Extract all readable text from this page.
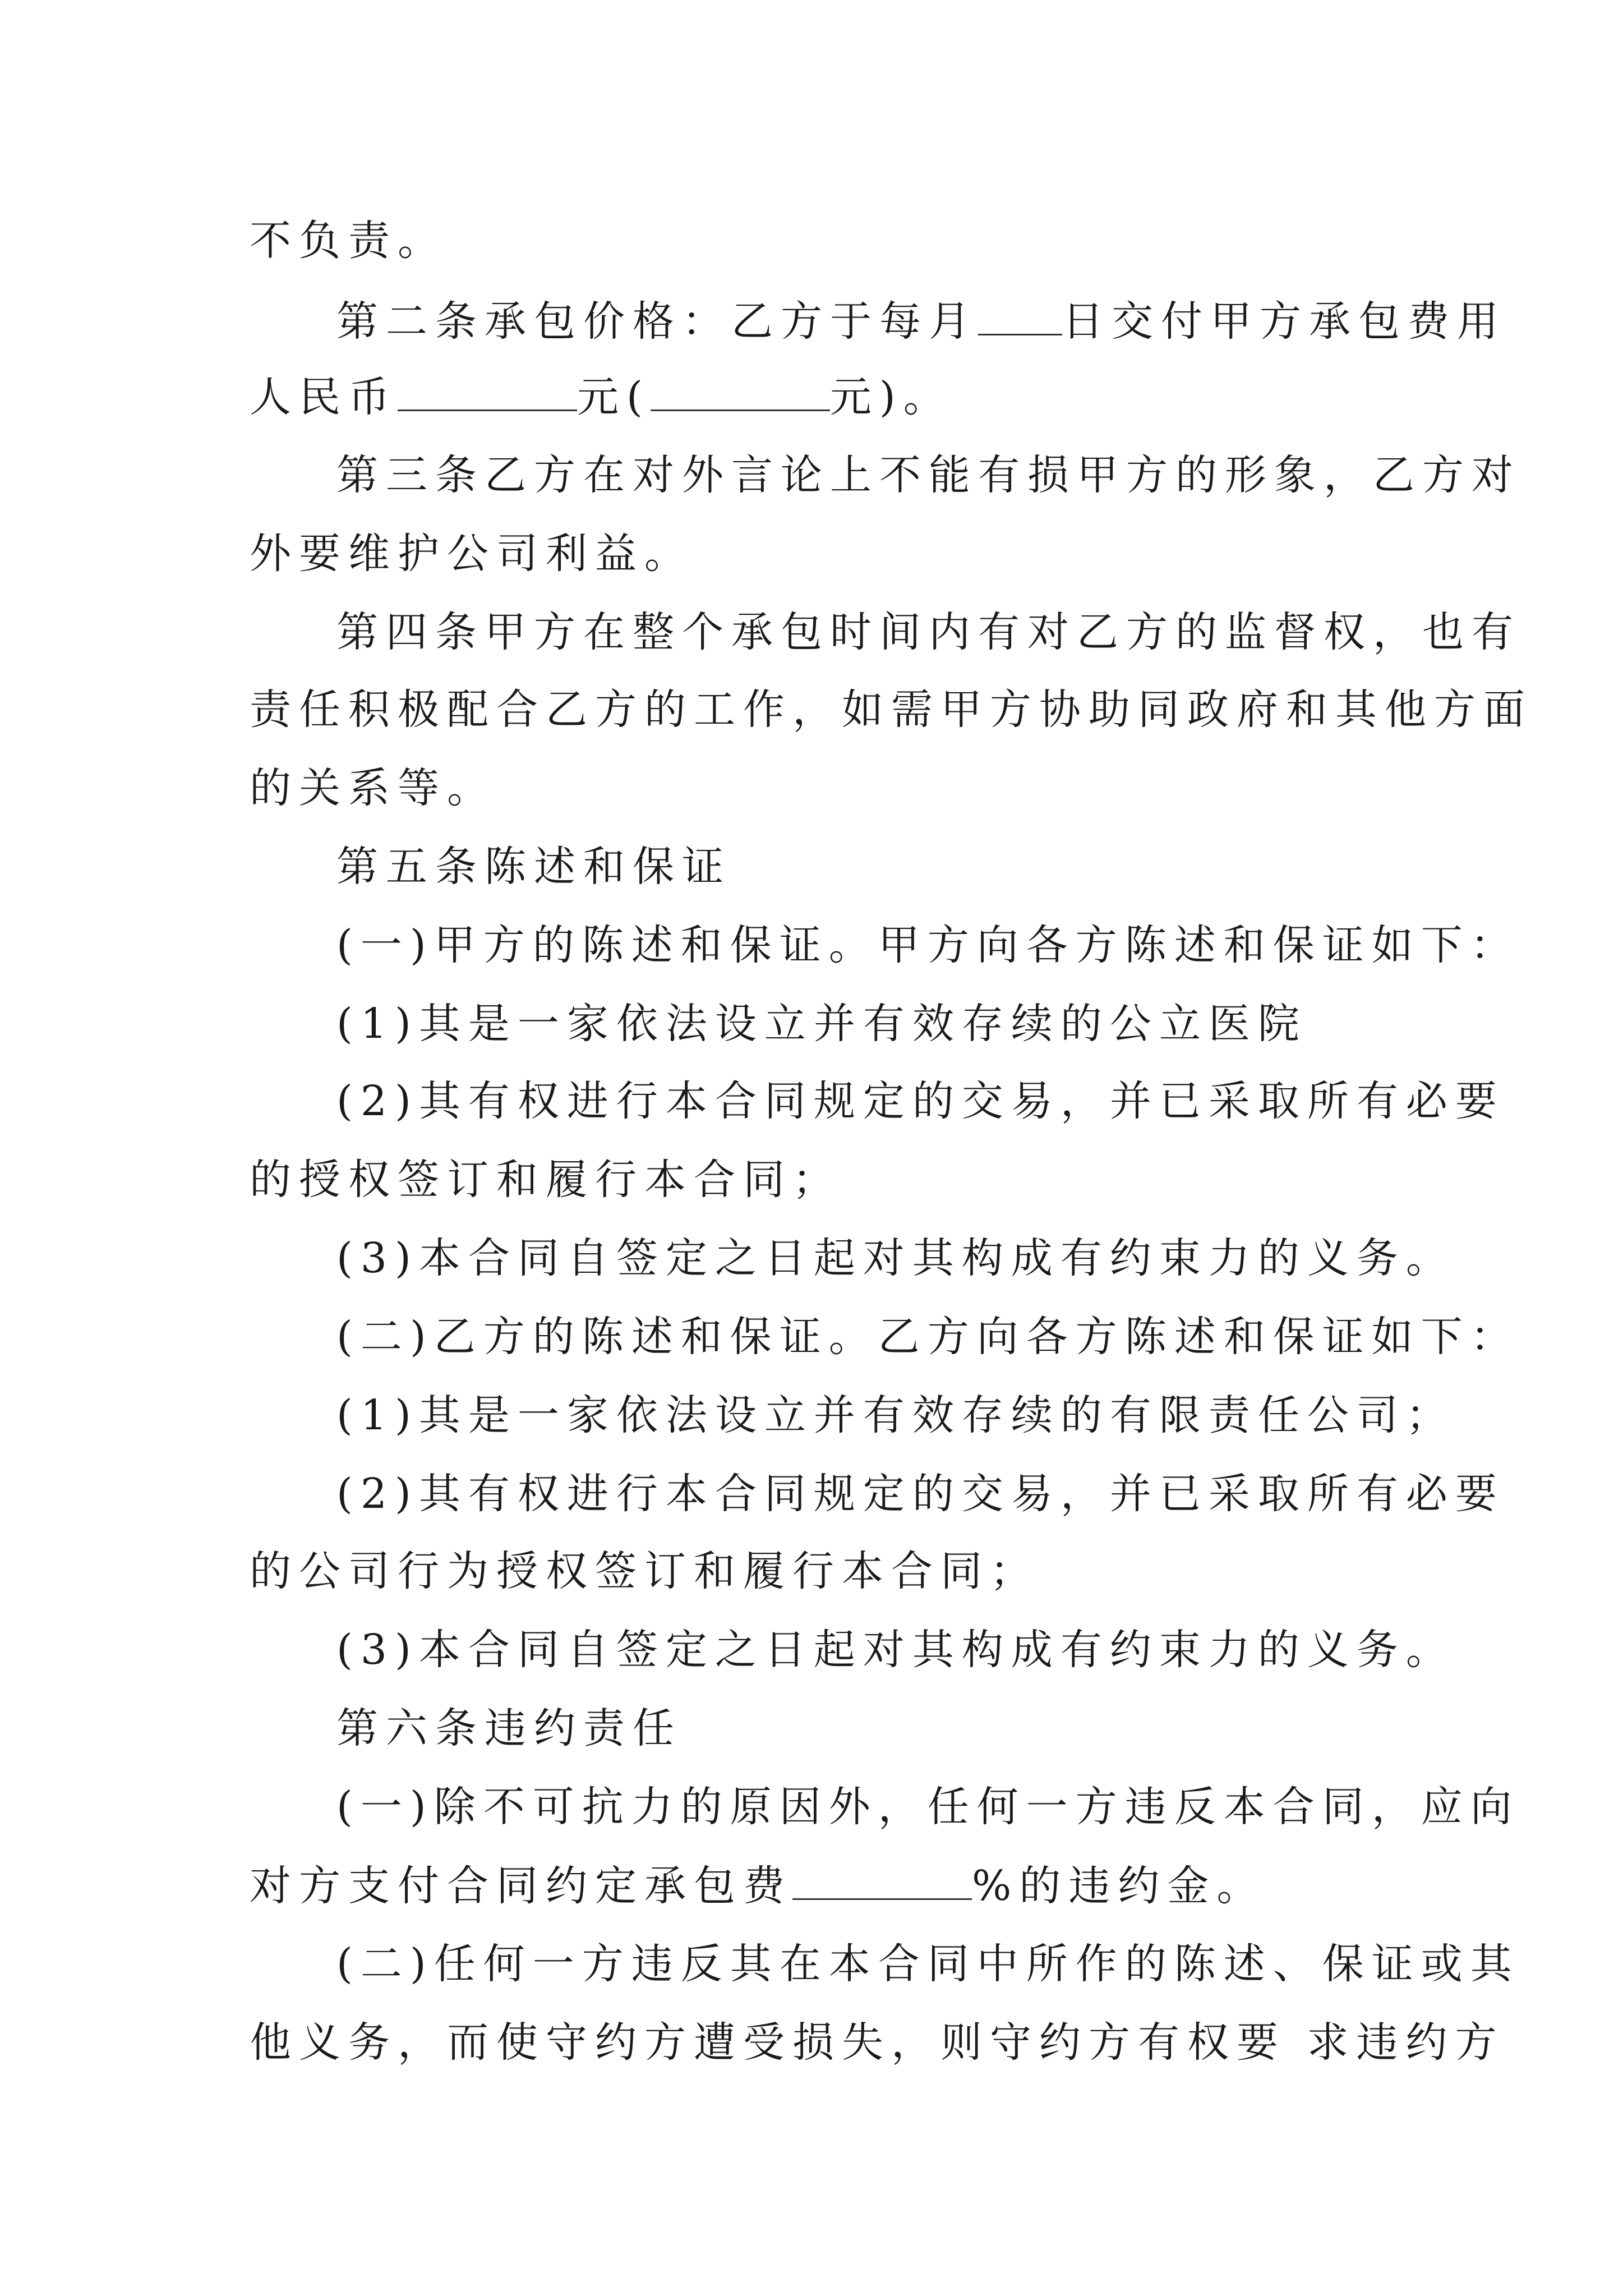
不负责。
第二条承包价格：乙方于每月 日交付甲方承包费用
人民币	元(	元)。
第三条乙方在对外言论上不能有损甲方的形象，乙方对
外要维护公司利益。
第四条甲方在整个承包时间内有对乙方的监督权，也有
责任积极配合乙方的工作，如需甲方协助同政府和其他方面
的关系等。
第五条陈述和保证
(一)甲方的陈述和保证。甲方向各方陈述和保证如下：
(1)其是一家依法设立并有效存续的公立医院
(2)其有权进行本合同规定的交易，并已采取所有必要
的授权签订和履行本合同；
(3)本合同自签定之日起对其构成有约束力的义务。
(二)乙方的陈述和保证。乙方向各方陈述和保证如下：
(1)其是一家依法设立并有效存续的有限责任公司；
(2)其有权进行本合同规定的交易，并已采取所有必要
的公司行为授权签订和履行本合同；
(3)本合同自签定之日起对其构成有约束力的义务。
第六条违约责任
(一)除不可抗力的原因外，任何一方违反本合同，应向
对方支付合同约定承包费	%的违约金。
(二)任何一方违反其在本合同中所作的陈述、保证或其
他义务，而使守约方遭受损失，则守约方有权要 求违约方
